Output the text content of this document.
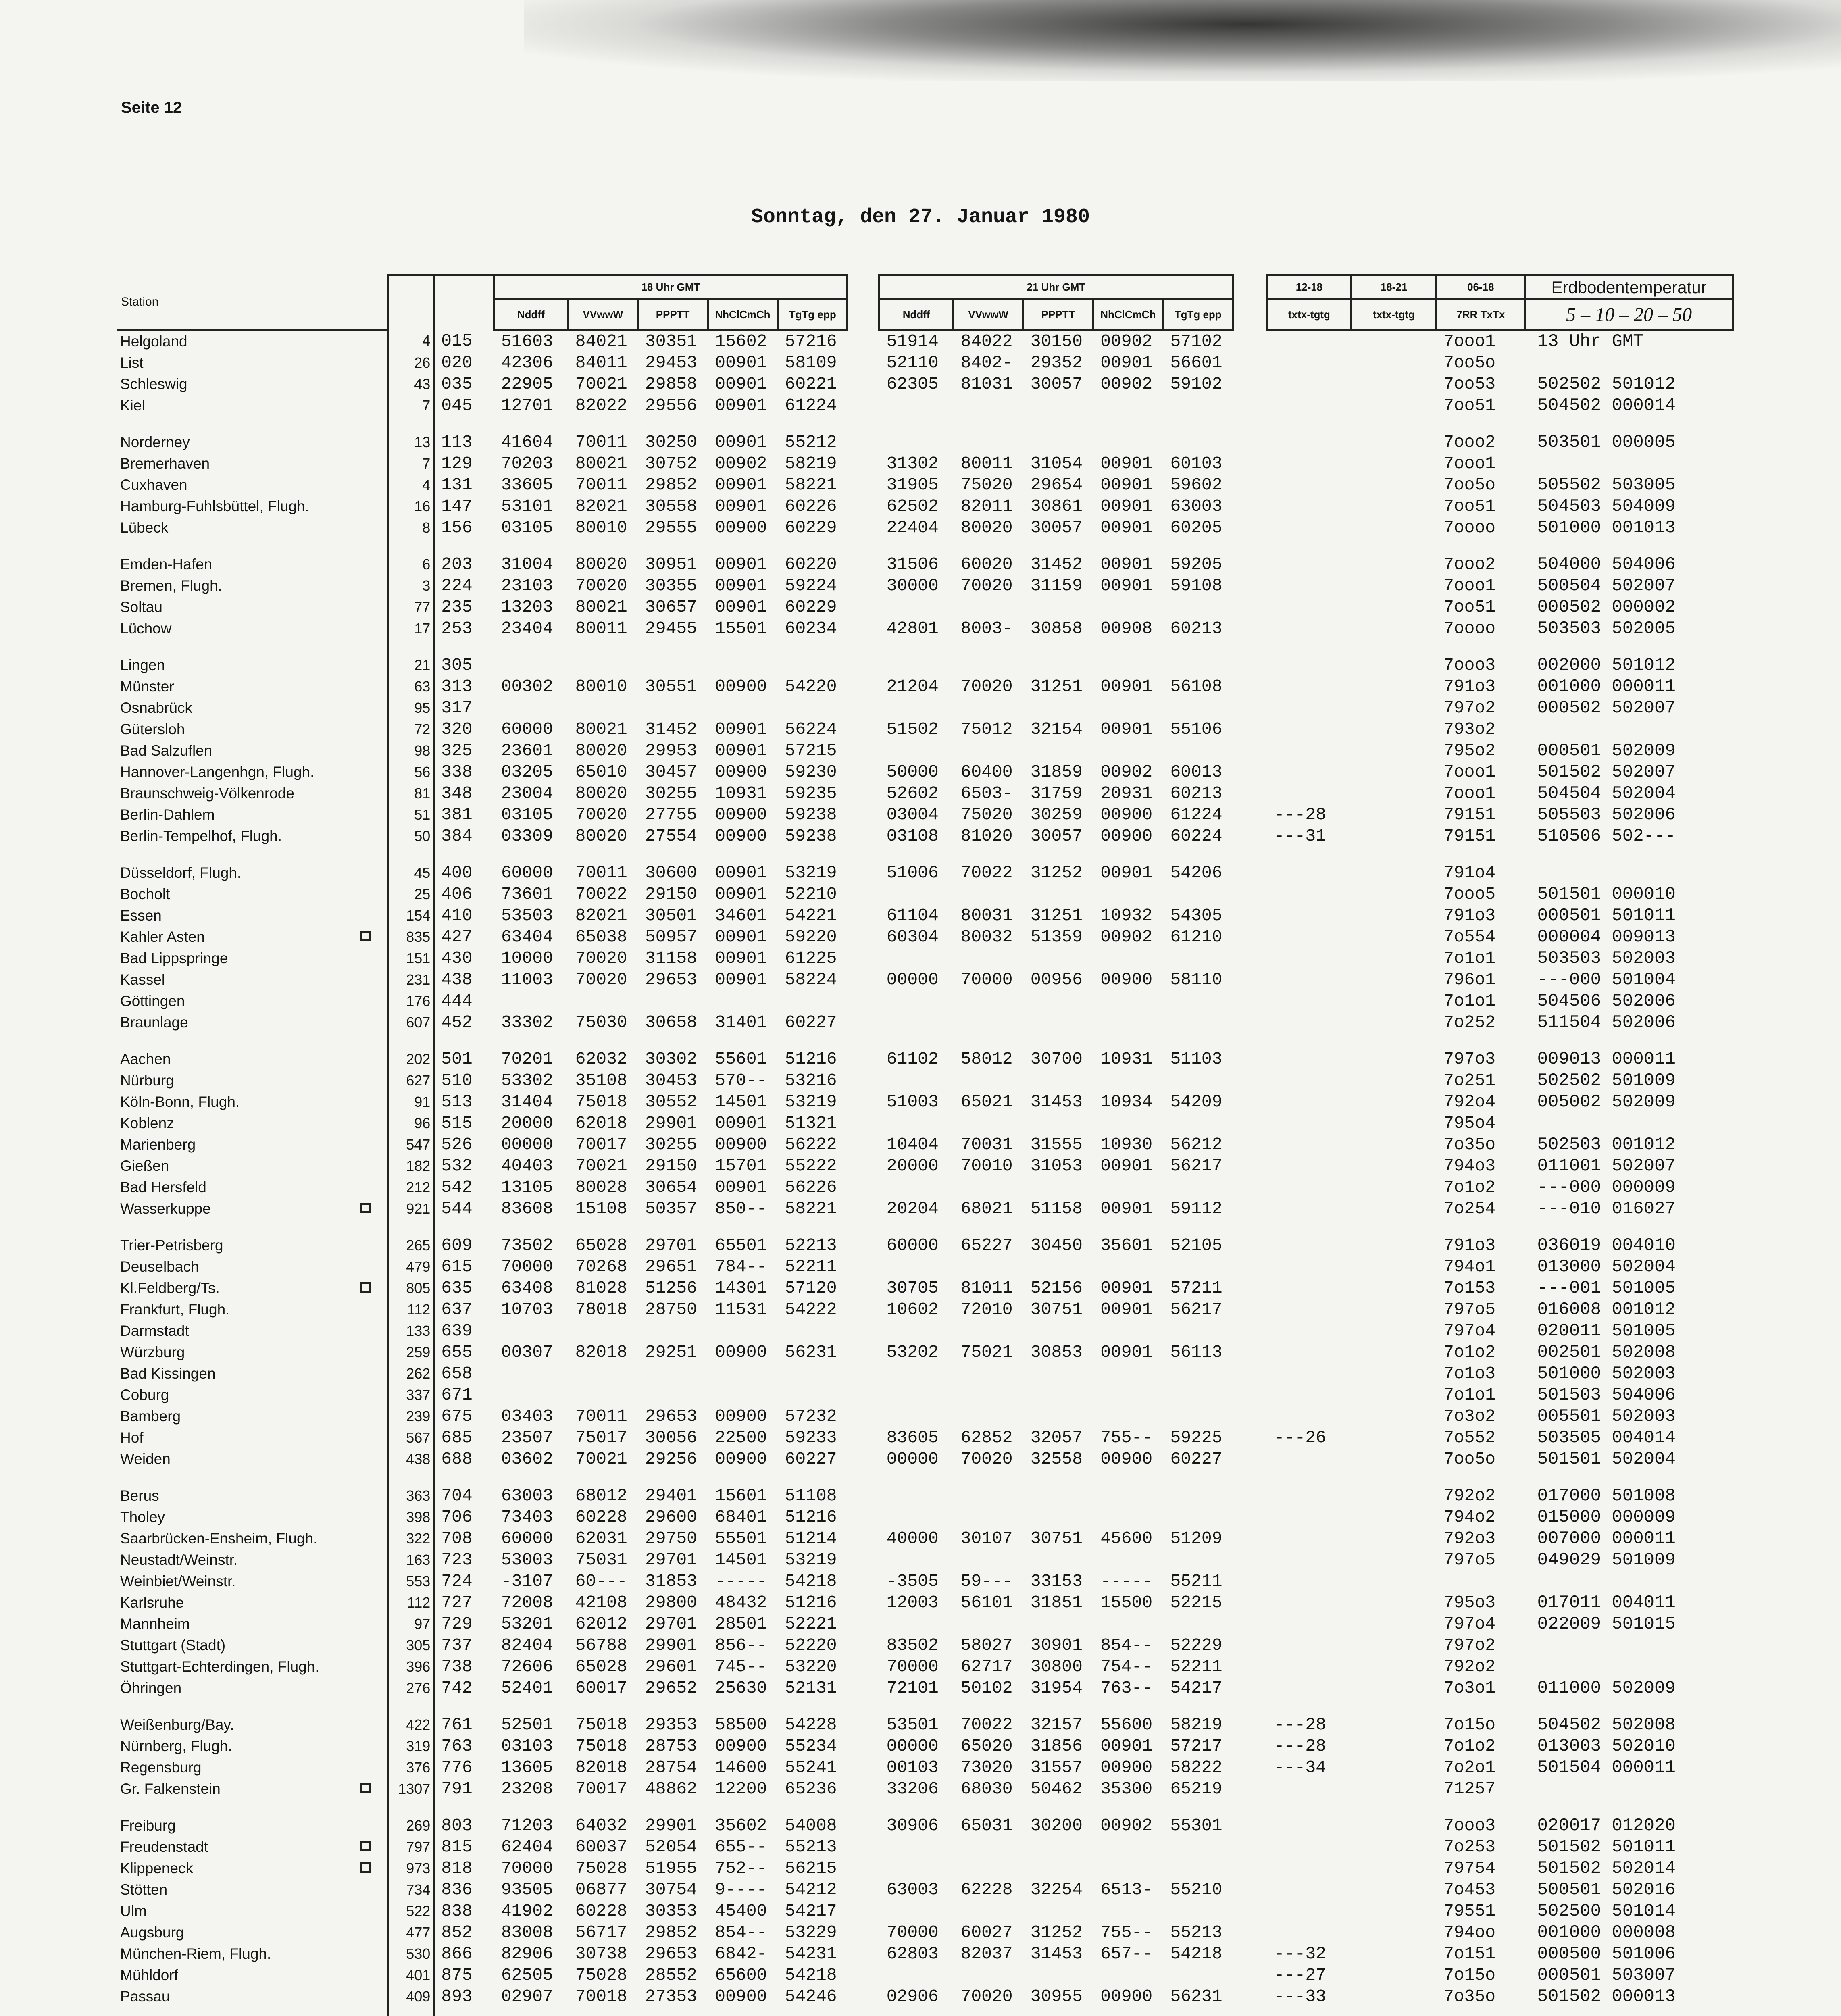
Seite 12
Sonntag, den 27. Januar 1980
Station			18 Uhr GMT						21 Uhr GMT						12-18	18-21	06-18	Erdbodentemperatur
			Nddff	VVwwW	PPPTT	NhClCmCh	TgTg epp		Nddff	VVwwW	PPPTT	NhClCmCh	TgTg epp		txtx-tgtg	txtx-tgtg	7RR TxTx	5 – 10 – 20 – 50
Helgoland	4	015	51603	84021	30351	15602	57216		51914	84022	30150	00902	57102				7ooo1	13 Uhr GMT
List	26	020	42306	84011	29453	00901	58109		52110	8402-	29352	00901	56601				7oo5o	
Schleswig	43	035	22905	70021	29858	00901	60221		62305	81031	30057	00902	59102				7oo53	502502 501012
Kiel	7	045	12701	82022	29556	00901	61224										7oo51	504502 000014

Norderney	13	113	41604	70011	30250	00901	55212										7ooo2	503501 000005
Bremerhaven	7	129	70203	80021	30752	00902	58219		31302	80011	31054	00901	60103				7ooo1	
Cuxhaven	4	131	33605	70011	29852	00901	58221		31905	75020	29654	00901	59602				7oo5o	505502 503005
Hamburg-Fuhlsbüttel, Flugh.	16	147	53101	82021	30558	00901	60226		62502	82011	30861	00901	63003				7oo51	504503 504009
Lübeck	8	156	03105	80010	29555	00900	60229		22404	80020	30057	00901	60205				7oooo	501000 001013

Emden-Hafen	6	203	31004	80020	30951	00901	60220		31506	60020	31452	00901	59205				7ooo2	504000 504006
Bremen, Flugh.	3	224	23103	70020	30355	00901	59224		30000	70020	31159	00901	59108				7ooo1	500504 502007
Soltau	77	235	13203	80021	30657	00901	60229										7oo51	000502 000002
Lüchow	17	253	23404	80011	29455	15501	60234		42801	8003-	30858	00908	60213				7oooo	503503 502005

Lingen	21	305															7ooo3	002000 501012
Münster	63	313	00302	80010	30551	00900	54220		21204	70020	31251	00901	56108				791o3	001000 000011
Osnabrück	95	317															797o2	000502 502007
Gütersloh	72	320	60000	80021	31452	00901	56224		51502	75012	32154	00901	55106				793o2	
Bad Salzuflen	98	325	23601	80020	29953	00901	57215										795o2	000501 502009
Hannover-Langenhgn, Flugh.	56	338	03205	65010	30457	00900	59230		50000	60400	31859	00902	60013				7ooo1	501502 502007
Braunschweig-Völkenrode	81	348	23004	80020	30255	10931	59235		52602	6503-	31759	20931	60213				7ooo1	504504 502004
Berlin-Dahlem	51	381	03105	70020	27755	00900	59238		03004	75020	30259	00900	61224		---28		79151	505503 502006
Berlin-Tempelhof, Flugh.	50	384	03309	80020	27554	00900	59238		03108	81020	30057	00900	60224		---31		79151	510506 502---

Düsseldorf, Flugh.	45	400	60000	70011	30600	00901	53219		51006	70022	31252	00901	54206				791o4	
Bocholt	25	406	73601	70022	29150	00901	52210										7ooo5	501501 000010
Essen	154	410	53503	82021	30501	34601	54221		61104	80031	31251	10932	54305				791o3	000501 501011
Kahler Asten	835	427	63404	65038	50957	00901	59220		60304	80032	51359	00902	61210				7o554	000004 009013
Bad Lippspringe	151	430	10000	70020	31158	00901	61225										7o1o1	503503 502003
Kassel	231	438	11003	70020	29653	00901	58224		00000	70000	00956	00900	58110				796o1	---000 501004
Göttingen	176	444															7o1o1	504506 502006
Braunlage	607	452	33302	75030	30658	31401	60227										7o252	511504 502006

Aachen	202	501	70201	62032	30302	55601	51216		61102	58012	30700	10931	51103				797o3	009013 000011
Nürburg	627	510	53302	35108	30453	570--	53216										7o251	502502 501009
Köln-Bonn, Flugh.	91	513	31404	75018	30552	14501	53219		51003	65021	31453	10934	54209				792o4	005002 502009
Koblenz	96	515	20000	62018	29901	00901	51321										795o4	
Marienberg	547	526	00000	70017	30255	00900	56222		10404	70031	31555	10930	56212				7o35o	502503 001012
Gießen	182	532	40403	70021	29150	15701	55222		20000	70010	31053	00901	56217				794o3	011001 502007
Bad Hersfeld	212	542	13105	80028	30654	00901	56226										7o1o2	---000 000009
Wasserkuppe	921	544	83608	15108	50357	850--	58221		20204	68021	51158	00901	59112				7o254	---010 016027

Trier-Petrisberg	265	609	73502	65028	29701	65501	52213		60000	65227	30450	35601	52105				791o3	036019 004010
Deuselbach	479	615	70000	70268	29651	784--	52211										794o1	013000 502004
Kl.Feldberg/Ts.	805	635	63408	81028	51256	14301	57120		30705	81011	52156	00901	57211				7o153	---001 501005
Frankfurt, Flugh.	112	637	10703	78018	28750	11531	54222		10602	72010	30751	00901	56217				797o5	016008 001012
Darmstadt	133	639															797o4	020011 501005
Würzburg	259	655	00307	82018	29251	00900	56231		53202	75021	30853	00901	56113				7o1o2	002501 502008
Bad Kissingen	262	658															7o1o3	501000 502003
Coburg	337	671															7o1o1	501503 504006
Bamberg	239	675	03403	70011	29653	00900	57232										7o3o2	005501 502003
Hof	567	685	23507	75017	30056	22500	59233		83605	62852	32057	755--	59225		---26		7o552	503505 004014
Weiden	438	688	03602	70021	29256	00900	60227		00000	70020	32558	00900	60227				7oo5o	501501 502004

Berus	363	704	63003	68012	29401	15601	51108										792o2	017000 501008
Tholey	398	706	73403	60228	29600	68401	51216										794o2	015000 000009
Saarbrücken-Ensheim, Flugh.	322	708	60000	62031	29750	55501	51214		40000	30107	30751	45600	51209				792o3	007000 000011
Neustadt/Weinstr.	163	723	53003	75031	29701	14501	53219										797o5	049029 501009
Weinbiet/Weinstr.	553	724	-3107	60---	31853	-----	54218		-3505	59---	33153	-----	55211					
Karlsruhe	112	727	72008	42108	29800	48432	51216		12003	56101	31851	15500	52215				795o3	017011 004011
Mannheim	97	729	53201	62012	29701	28501	52221										797o4	022009 501015
Stuttgart (Stadt)	305	737	82404	56788	29901	856--	52220		83502	58027	30901	854--	52229				797o2	
Stuttgart-Echterdingen, Flugh.	396	738	72606	65028	29601	745--	53220		70000	62717	30800	754--	52211				792o2	
Öhringen	276	742	52401	60017	29652	25630	52131		72101	50102	31954	763--	54217				7o3o1	011000 502009

Weißenburg/Bay.	422	761	52501	75018	29353	58500	54228		53501	70022	32157	55600	58219		---28		7o15o	504502 502008
Nürnberg, Flugh.	319	763	03103	75018	28753	00900	55234		00000	65020	31856	00901	57217		---28		7o1o2	013003 502010
Regensburg	376	776	13605	82018	28754	14600	55241		00103	73020	31557	00900	58222		---34		7o2o1	501504 000011
Gr. Falkenstein	1307	791	23208	70017	48862	12200	65236		33206	68030	50462	35300	65219				71257	

Freiburg	269	803	71203	64032	29901	35602	54008		30906	65031	30200	00902	55301				7ooo3	020017 012020
Freudenstadt	797	815	62404	60037	52054	655--	55213										7o253	501502 501011
Klippeneck	973	818	70000	75028	51955	752--	56215										79754	501502 502014
Stötten	734	836	93505	06877	30754	9----	54212		63003	62228	32254	6513-	55210				7o453	500501 502016
Ulm	522	838	41902	60228	30353	45400	54217										79551	502500 501014
Augsburg	477	852	83008	56717	29852	854--	53229		70000	60027	31252	755--	55213				794oo	001000 000008
München-Riem, Flugh.	530	866	82906	30738	29653	6842-	54231		62803	82037	31453	657--	54218		---32		7o151	000500 501006
Mühldorf	401	875	62505	75028	28552	65600	54218								---27		7o15o	000501 503007
Passau	409	893	02907	70018	27353	00900	54246		02906	70020	30955	00900	56231		---33		7o35o	501502 000013
